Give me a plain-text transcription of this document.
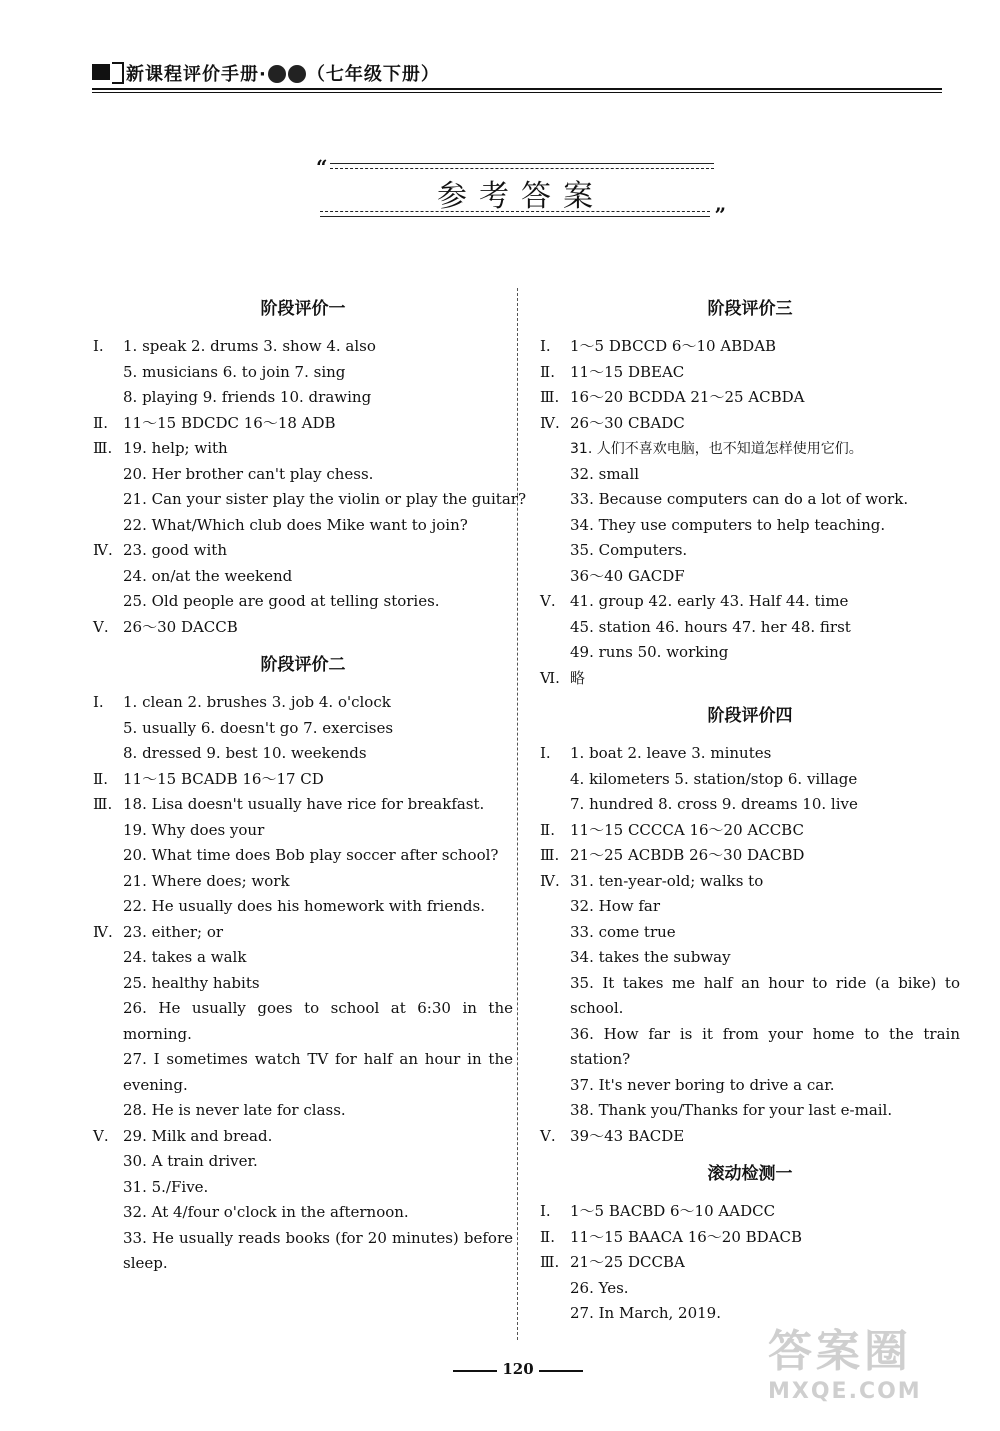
新课程评价手册· （七年级下册）
“
参考答案
”
阶段评价一
Ⅰ.	1. speak 2. drums 3. show 4. also
5. musicians 6. to join 7. sing
8. playing 9. friends 10. drawing
Ⅱ.	11～15 BDCDC 16～18 ADB
Ⅲ. 19. help; with
20. Her brother can't play chess.
21. Can your sister play the violin or play the guitar?
22. What/Which club does Mike want to join?
Ⅳ. 23. good with
24. on/at the weekend
25. Old people are good at telling stories.
Ⅴ. 26～30 DACCB
阶段评价二
Ⅰ.	1. clean 2. brushes 3. job 4. o'clock
5. usually 6. doesn't go 7. exercises
8. dressed 9. best 10. weekends
Ⅱ.	11～15 BCADB 16～17 CD
Ⅲ. 18. Lisa doesn't usually have rice for breakfast.
19. Why does your
20. What time does Bob play soccer after school?
21. Where does; work
22. He usually does his homework with friends.
Ⅳ. 23. either; or
24. takes a walk
25. healthy habits
26. He usually goes to school at 6:30 in the morning.
27. I sometimes watch TV for half an hour in the evening.
28. He is never late for class.
Ⅴ. 29. Milk and bread.
30. A train driver.
31. 5./Five.
32. At 4/four o'clock in the afternoon.
33. He usually reads books (for 20 minutes) before sleep.
阶段评价三
Ⅰ.	1～5 DBCCD 6～10 ABDAB
Ⅱ.	11～15 DBEAC
Ⅲ. 16～20 BCDDA 21～25 ACBDA
Ⅳ. 26～30 CBADC
31. 人们不喜欢电脑，也不知道怎样使用它们。
32. small
33. Because computers can do a lot of work.
34. They use computers to help teaching.
35. Computers.
36～40 GACDF
Ⅴ. 41. group 42. early 43. Half 44. time
45. station 46. hours 47. her 48. first
49. runs 50. working
Ⅵ. 略
阶段评价四
Ⅰ.	1. boat 2. leave 3. minutes
4. kilometers 5. station/stop 6. village
7. hundred 8. cross 9. dreams 10. live
Ⅱ.	11～15 CCCCA 16～20 ACCBC
Ⅲ. 21～25 ACBDB 26～30 DACBD
Ⅳ. 31. ten-year-old; walks to
32. How far
33. come true
34. takes the subway
35. It takes me half an hour to ride (a bike) to school.
36. How far is it from your home to the train station?
37. It's never boring to drive a car.
38. Thank you/Thanks for your last e-mail.
Ⅴ. 39～43 BACDE
滚动检测一
Ⅰ.	1～5 BACBD 6～10 AADCC
Ⅱ.	11～15 BAACA 16～20 BDACB
Ⅲ. 21～25 DCCBA
26. Yes.
27. In March, 2019.
120	答案圈
MXQE.COM
